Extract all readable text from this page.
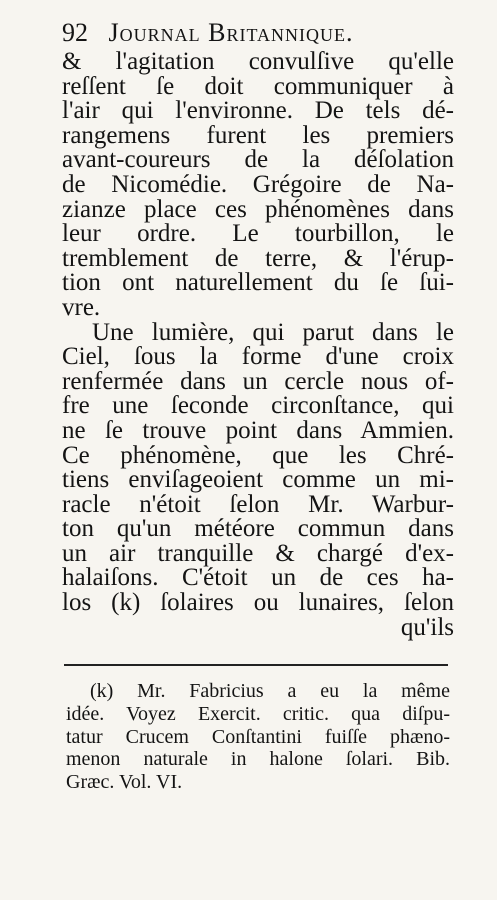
92 Journal Britannique.
& l'agitation convulſive qu'elle
reſſent ſe doit communiquer à
l'air qui l'environne. De tels dé-
rangemens furent les premiers
avant-coureurs de la déſolation
de Nicomédie. Grégoire de Na-
zianze place ces phénomènes dans
leur ordre. Le tourbillon, le
tremblement de terre, & l'érup-
tion ont naturellement du ſe ſui-
vre.
Une lumière, qui parut dans le
Ciel, ſous la forme d'une croix
renfermée dans un cercle nous of-
fre une ſeconde circonſtance, qui
ne ſe trouve point dans Ammien.
Ce phénomène, que les Chré-
tiens enviſageoient comme un mi-
racle n'étoit ſelon Mr. Warbur-
ton qu'un météore commun dans
un air tranquille & chargé d'ex-
halaiſons. C'étoit un de ces ha-
los (k) ſolaires ou lunaires, ſelon
qu'ils
(k) Mr. Fabricius a eu la même
idée. Voyez Exercit. critic. qua diſpu-
tatur Crucem Conſtantini fuiſſe phæno-
menon naturale in halone ſolari. Bib.
Græc. Vol. VI.
